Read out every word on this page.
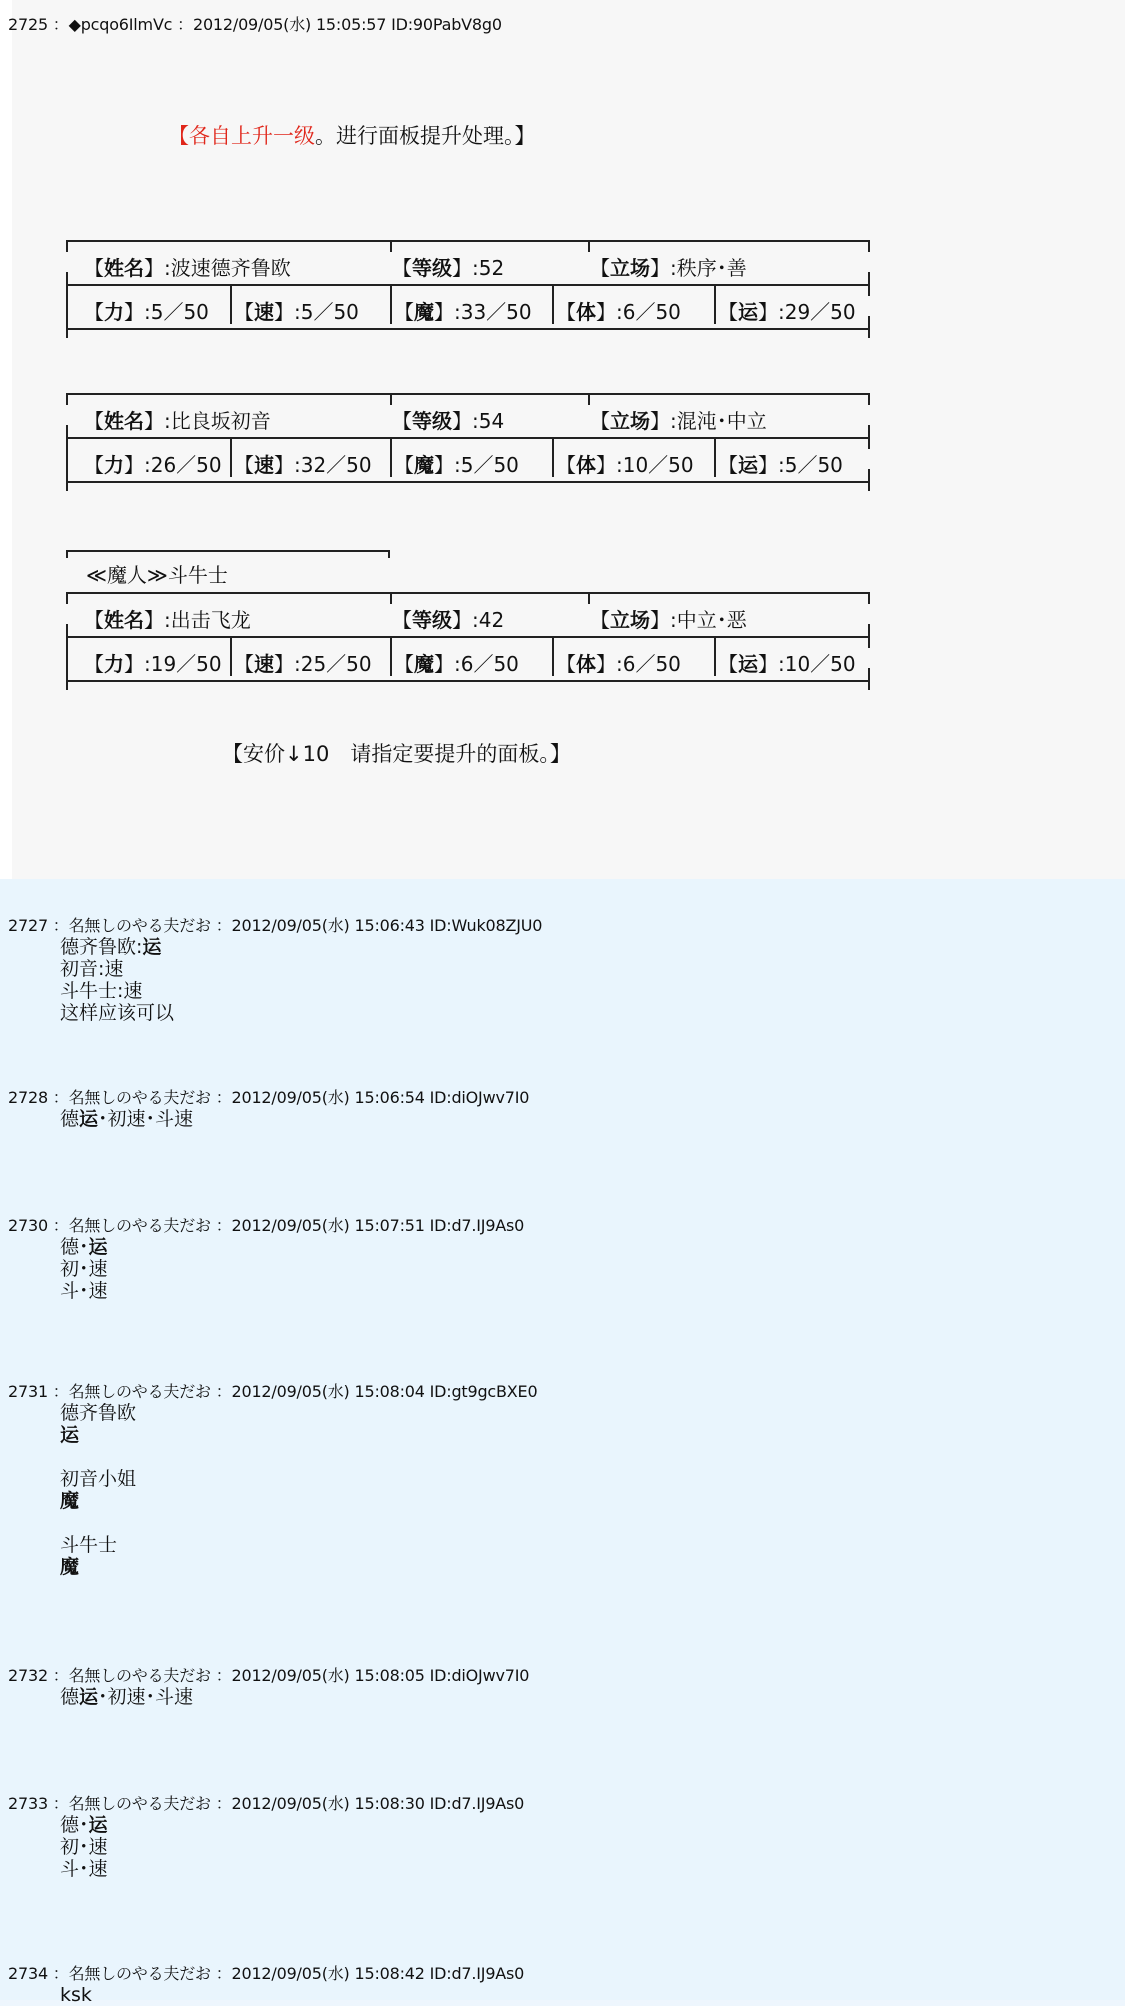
2725 ：◆pcqo6IlmVc ：2012/09/05(水) 15:05:57 ID:90PabV8g0
【各自上升一级。进行面板提升处理。】
【姓名】:波速德齐鲁欧	【等级】:52	【立场】:秩序･善
【力】:5／50 【速】:5／50 【魔】:33／50 【体】:6／50 【运】:29／50
【姓名】:比良坂初音	【等级】:54	【立场】:混沌･中立
【力】:26／50 【速】:32／50 【魔】:5／50 【体】:10／50 【运】:5／50
≪魔人≫斗牛士
【姓名】:出击飞龙	【等级】:42	【立场】:中立･恶
【力】:19／50 【速】:25／50 【魔】:6／50 【体】:6／50 【运】:10／50
【安价↓10　请指定要提升的面板。】
2727 ：名無しのやる夫だお ：2012/09/05(水) 15:06:43 ID:Wuk08ZJU0
德齐鲁欧:运
初音:速
斗牛士:速
这样应该可以
2728 ：名無しのやる夫だお ：2012/09/05(水) 15:06:54 ID:diOJwv7I0
德运･初速･斗速
2730 ：名無しのやる夫だお ：2012/09/05(水) 15:07:51 ID:d7.IJ9As0
德･运
初･速
斗･速
2731 ：名無しのやる夫だお ：2012/09/05(水) 15:08:04 ID:gt9gcBXE0
德齐鲁欧
运
初音小姐
魔
斗牛士
魔
2732 ：名無しのやる夫だお ：2012/09/05(水) 15:08:05 ID:diOJwv7I0
德运･初速･斗速
2733 ：名無しのやる夫だお ：2012/09/05(水) 15:08:30 ID:d7.IJ9As0
德･运
初･速
斗･速
2734 ：名無しのやる夫だお ：2012/09/05(水) 15:08:42 ID:d7.IJ9As0
ksk
